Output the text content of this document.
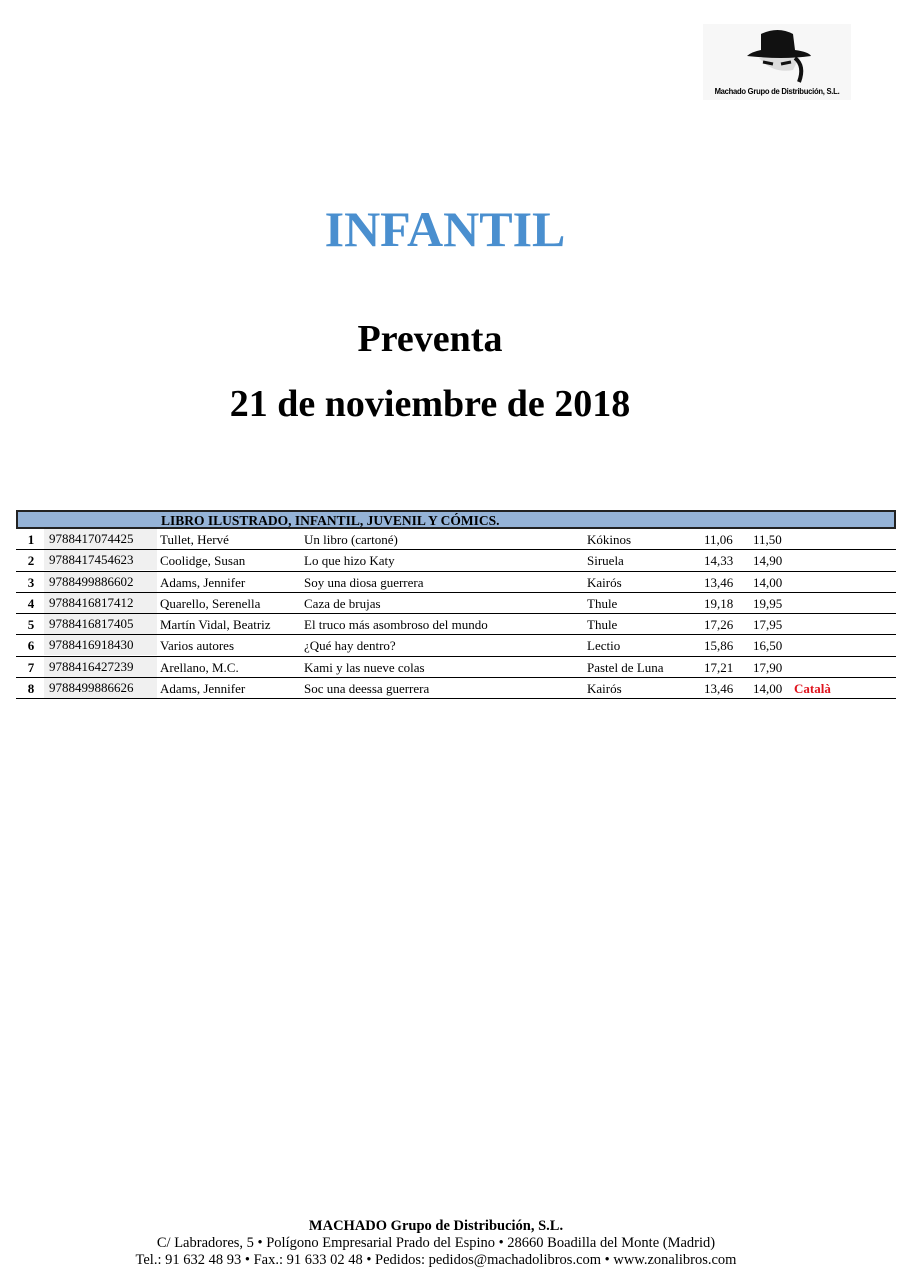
Machado Grupo de Distribución, S.L.
INFANTIL
Preventa
21 de noviembre de 2018
LIBRO ILUSTRADO, INFANTIL, JUVENIL Y CÓMICS.
1	9788417074425	Tullet, Hervé	Un libro (cartoné)	Kókinos	11,06 11,50
2	9788417454623	Coolidge, Susan	Lo que hizo Katy	Siruela	14,33 14,90
3	9788499886602	Adams, Jennifer	Soy una diosa guerrera	Kairós	13,46 14,00
4	9788416817412	Quarello, Serenella	Caza de brujas	Thule	19,18 19,95
5	9788416817405	Martín Vidal, Beatriz	El truco más asombroso del mundo	Thule	17,26 17,95
6	9788416918430	Varios autores	¿Qué hay dentro?	Lectio	15,86 16,50
7	9788416427239	Arellano, M.C.	Kami y las nueve colas	Pastel de Luna	17,21 17,90
8	9788499886626	Adams, Jennifer	Soc una deessa guerrera	Kairós	13,46 14,00 Català
MACHADO Grupo de Distribución, S.L.
C/ Labradores, 5 • Polígono Empresarial Prado del Espino • 28660 Boadilla del Monte (Madrid)
Tel.: 91 632 48 93 • Fax.: 91 633 02 48 • Pedidos: pedidos@machadolibros.com • www.zonalibros.com
